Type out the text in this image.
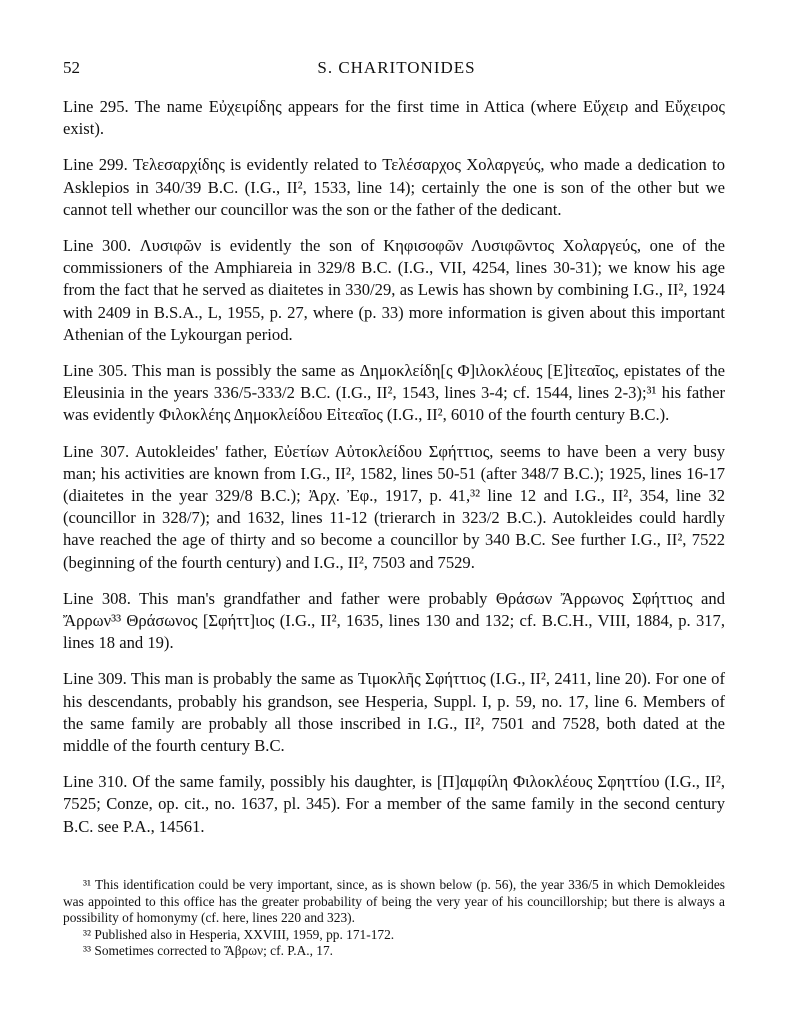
52	S. CHARITONIDES

Line 295. The name Εὐχειρίδης appears for the first time in Attica (where Εὔχειρ and Εὔχειρος exist).

Line 299. Τελεσαρχίδης is evidently related to Τελέσαρχος Χολαργεύς, who made a dedication to Asklepios in 340/39 B.C. (I.G., II², 1533, line 14); certainly the one is son of the other but we cannot tell whether our councillor was the son or the father of the dedicant.

Line 300. Λυσιφῶν is evidently the son of Κηφισοφῶν Λυσιφῶντος Χολαργεύς, one of the commissioners of the Amphiareia in 329/8 B.C. (I.G., VII, 4254, lines 30-31); we know his age from the fact that he served as diaitetes in 330/29, as Lewis has shown by combining I.G., II², 1924 with 2409 in B.S.A., L, 1955, p. 27, where (p. 33) more information is given about this important Athenian of the Lykourgan period.

Line 305. This man is possibly the same as Δημοκλείδη[ς Φ]ιλοκλέους [Ε]ἰτεαῖος, epistates of the Eleusinia in the years 336/5-333/2 B.C. (I.G., II², 1543, lines 3-4; cf. 1544, lines 2-3);³¹ his father was evidently Φιλοκλέης Δημοκλείδου Εἰτεαῖος (I.G., II², 6010 of the fourth century B.C.).

Line 307. Autokleides' father, Εὐετίων Αὐτοκλείδου Σφήττιος, seems to have been a very busy man; his activities are known from I.G., II², 1582, lines 50-51 (after 348/7 B.C.); 1925, lines 16-17 (diaitetes in the year 329/8 B.C.); Ἀρχ. Ἐφ., 1917, p. 41,³² line 12 and I.G., II², 354, line 32 (councillor in 328/7); and 1632, lines 11-12 (trierarch in 323/2 B.C.). Autokleides could hardly have reached the age of thirty and so become a councillor by 340 B.C. See further I.G., II², 7522 (beginning of the fourth century) and I.G., II², 7503 and 7529.

Line 308. This man's grandfather and father were probably Θράσων Ἄρρωνος Σφήττιος and Ἄρρων³³ Θράσωνος [Σφήττ]ιος (I.G., II², 1635, lines 130 and 132; cf. B.C.H., VIII, 1884, p. 317, lines 18 and 19).

Line 309. This man is probably the same as Τιμοκλῆς Σφήττιος (I.G., II², 2411, line 20). For one of his descendants, probably his grandson, see Hesperia, Suppl. I, p. 59, no. 17, line 6. Members of the same family are probably all those inscribed in I.G., II², 7501 and 7528, both dated at the middle of the fourth century B.C.

Line 310. Of the same family, possibly his daughter, is [Π]αμφίλη Φιλοκλέους Σφηττίου (I.G., II², 7525; Conze, op. cit., no. 1637, pl. 345). For a member of the same family in the second century B.C. see P.A., 14561.

³¹ This identification could be very important, since, as is shown below (p. 56), the year 336/5 in which Demokleides was appointed to this office has the greater probability of being the very year of his councillorship; but there is always a possibility of homonymy (cf. here, lines 220 and 323).

³² Published also in Hesperia, XXVIII, 1959, pp. 171-172.

³³ Sometimes corrected to Ἄβρων; cf. P.A., 17.
